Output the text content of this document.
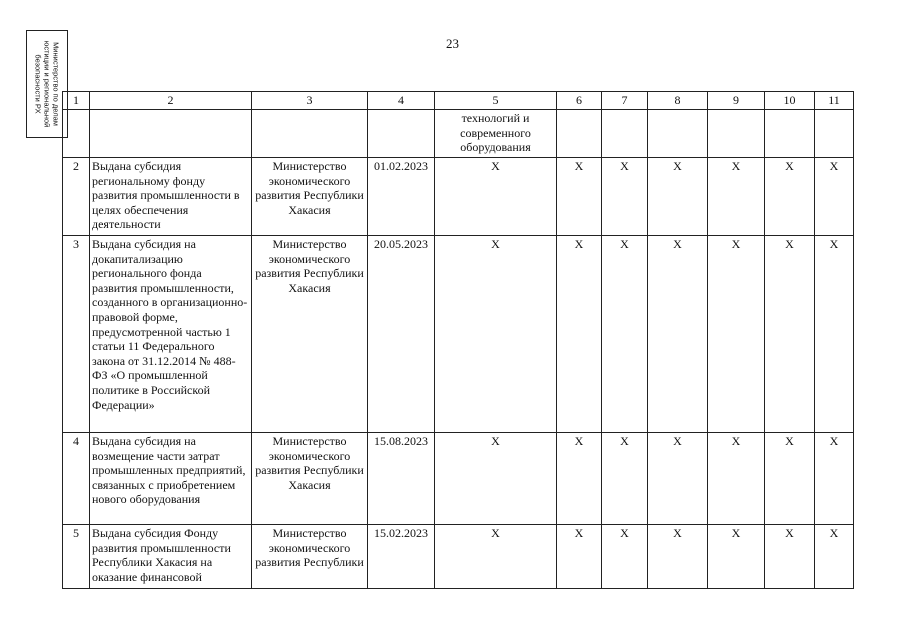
23
Министерство по делам
юстиции и региональной
безопасности РХ	1	2	3	4	5	6	7	8	9	10	11
				технологий и современного оборудования						
2	Выдана субсидия региональному фонду развития промышленности в целях обеспечения деятельности	Министерство экономического развития Республики Хакасия	01.02.2023	Х	Х	Х	Х	Х	Х	Х
3	Выдана субсидия на докапитализацию регионального фонда развития промышленности, созданного в организационно-правовой форме, предусмотренной частью 1 статьи 11 Федерального закона от 31.12.2014 № 488-ФЗ «О промышленной политике в Российской Федерации»	Министерство экономического развития Республики Хакасия	20.05.2023	Х	Х	Х	Х	Х	Х	Х
4	Выдана субсидия на возмещение части затрат промышленных предприятий, связанных с приобретением нового оборудования	Министерство экономического развития Республики Хакасия	15.08.2023	Х	Х	Х	Х	Х	Х	Х
5	Выдана субсидия Фонду развития промышленности Республики Хакасия на оказание финансовой	Министерство экономического развития Республики	15.02.2023	Х	Х	Х	Х	Х	Х	Х
